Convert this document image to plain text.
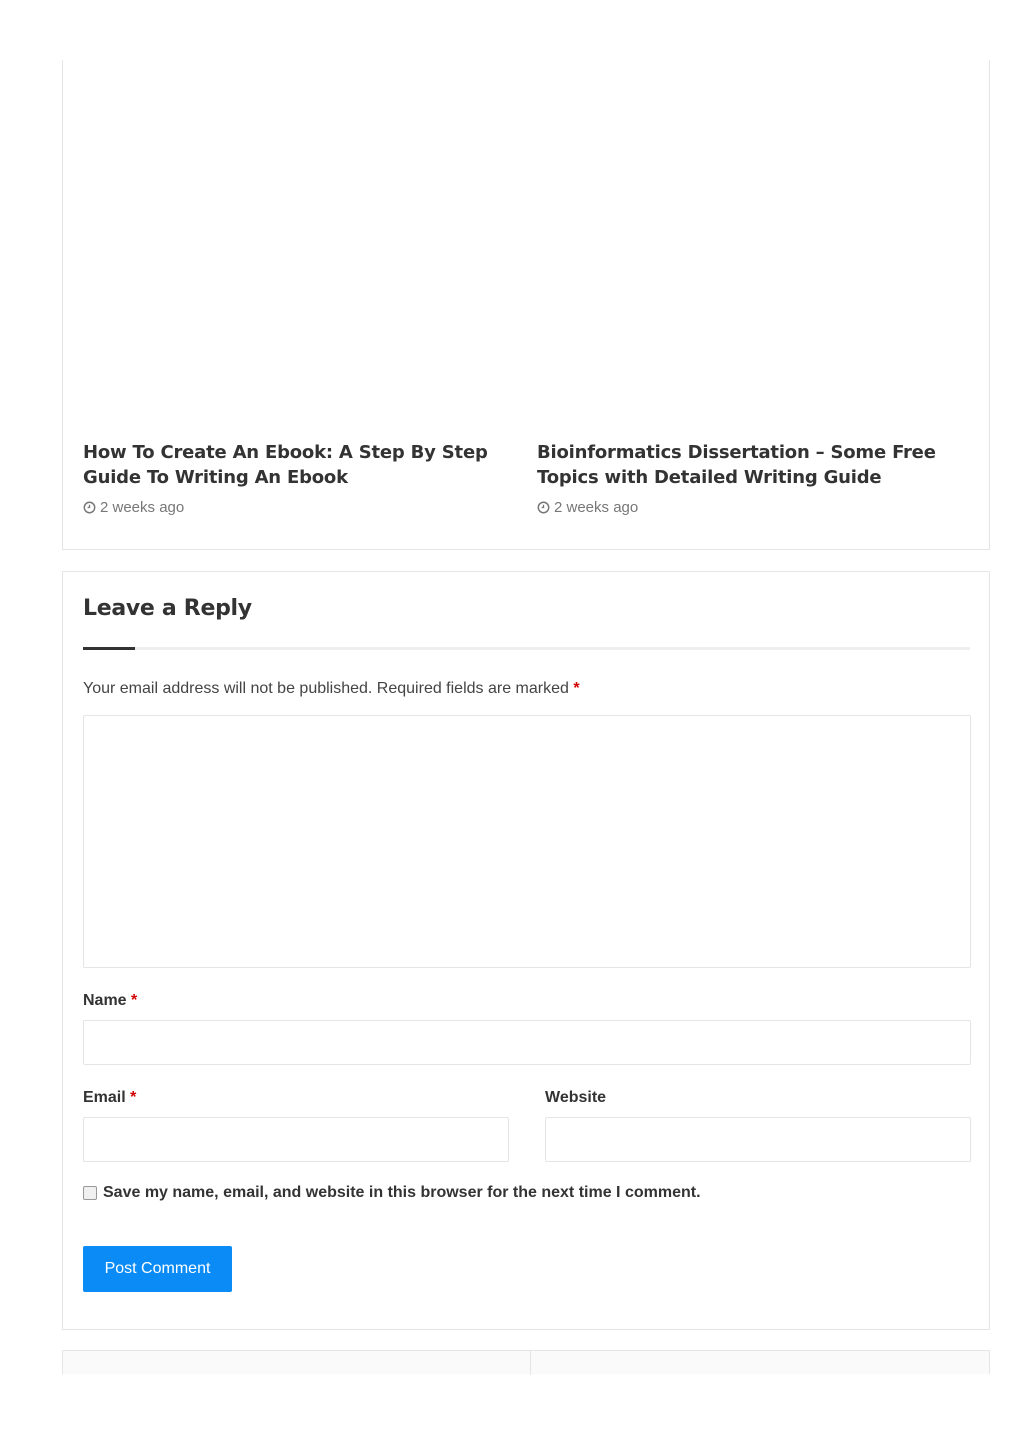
How To Create An Ebook: A Step By Step Guide To Writing An Ebook
2 weeks ago
Bioinformatics Dissertation – Some Free Topics with Detailed Writing Guide
2 weeks ago
Leave a Reply

Your email address will not be published. Required fields are marked *

Name *
Email *	Website
Save my name, email, and website in this browser for the next time I comment.
Post Comment
